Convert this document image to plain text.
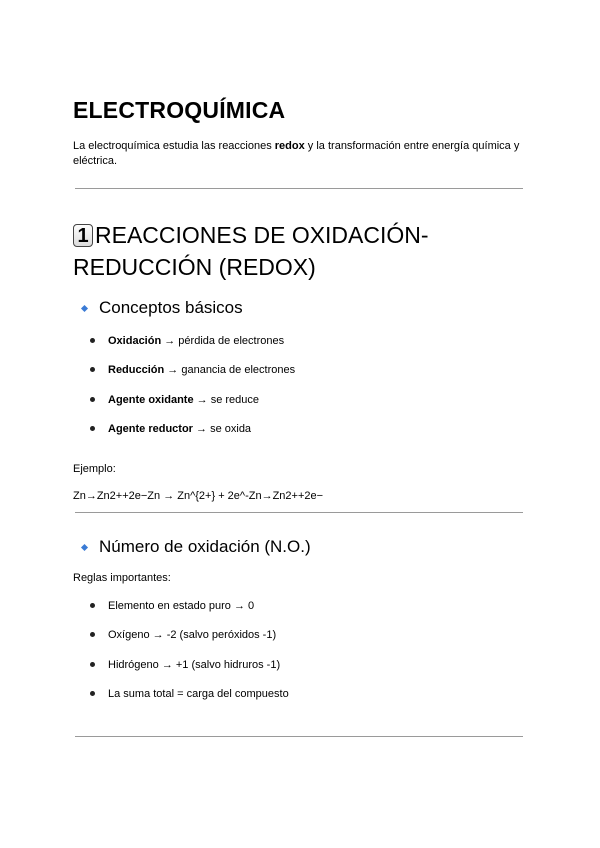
ELECTROQUÍMICA

La electroquímica estudia las reacciones redox y la transformación entre energía química y eléctrica.

1 REACCIONES DE OXIDACIÓN-REDUCCIÓN (REDOX)
Conceptos básicos
Oxidación → pérdida de electrones
Reducción → ganancia de electrones
Agente oxidante → se reduce
Agente reductor → se oxida

Ejemplo:

Zn→Zn2++2e−Zn → Zn^{2+} + 2e^-Zn→Zn2++2e−

Número de oxidación (N.O.)

Reglas importantes:

Elemento en estado puro → 0
Oxígeno → -2 (salvo peróxidos -1)
Hidrógeno → +1 (salvo hidruros -1)
La suma total = carga del compuesto
